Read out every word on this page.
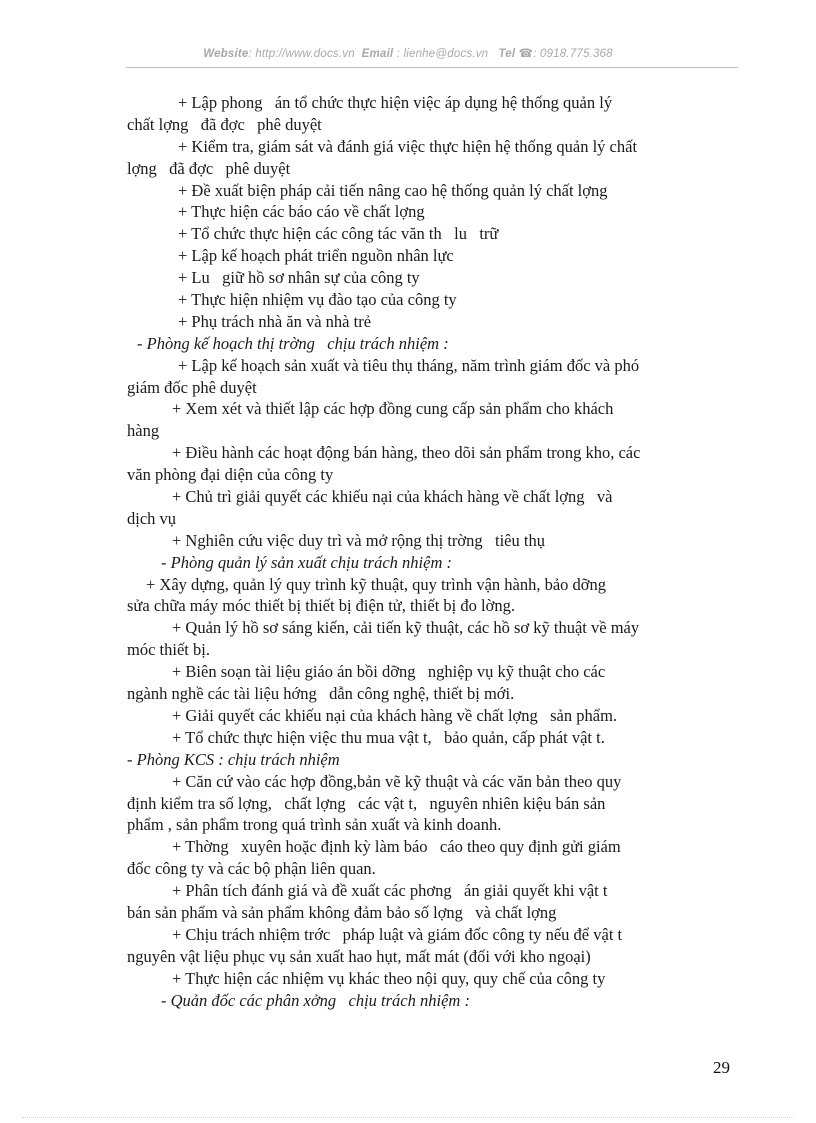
Website: http://www.docs.vn Email : lienhe@docs.vn Tel ☎: 0918.775.368
+ Lập phong   án tổ chức thực hiện việc áp dụng hệ thống quản lý
chất lợng   đã đợc   phê duyệt
+ Kiểm tra, giám sát và đánh giá việc thực hiện hệ thống quản lý chất
lợng   đã đợc   phê duyệt
+ Đề xuất biện pháp cải tiến nâng cao hệ thống quản lý chất lợng
+ Thực hiện các báo cáo về chất lợng
+ Tổ chức thực hiện các công tác văn th   lu   trữ
+ Lập kế hoạch phát triển nguồn nhân lực
+ Lu   giữ hồ sơ nhân sự của công ty
+ Thực hiện nhiệm vụ đào tạo của công ty
+ Phụ trách nhà ăn và nhà trẻ
- Phòng kế hoạch thị trờng   chịu trách nhiệm :
+ Lập kế hoạch sản xuất và tiêu thụ tháng, năm trình giám đốc và phó
giám đốc phê duyệt
+ Xem xét và thiết lập các hợp đồng cung cấp sản phẩm cho khách
hàng
+ Điều hành các hoạt động bán hàng, theo dõi sản phẩm trong kho, các
văn phòng đại diện của công ty
+ Chủ trì giải quyết các khiếu nại của khách hàng về chất lợng   và
dịch vụ
+ Nghiên cứu việc duy trì và mở rộng thị trờng   tiêu thụ
- Phòng quản lý sản xuất chịu trách nhiệm :
+ Xây dựng, quản lý quy trình kỹ thuật, quy trình vận hành, bảo dỡng
sửa chữa máy móc thiết bị thiết bị điện tử, thiết bị đo lờng.
+ Quản lý hồ sơ sáng kiến, cải tiến kỹ thuật, các hồ sơ kỹ thuật về máy
móc thiết bị.
+ Biên soạn tài liệu giáo án bồi dỡng   nghiệp vụ kỹ thuật cho các
ngành nghề các tài liệu hớng   dẫn công nghệ, thiết bị mới.
+ Giải quyết các khiếu nại của khách hàng về chất lợng   sản phẩm.
+ Tổ chức thực hiện việc thu mua vật t,   bảo quản, cấp phát vật t.
- Phòng KCS : chịu trách nhiệm
+ Căn cứ vào các hợp đồng,bản vẽ kỹ thuật và các văn bản theo quy
định kiểm tra số lợng,   chất lợng   các vật t,   nguyên nhiên kiệu bán sản
phẩm , sản phẩm trong quá trình sản xuất và kinh doanh.
+ Thờng   xuyên hoặc định kỳ làm báo   cáo theo quy định gửi giám
đốc công ty và các bộ phận liên quan.
+ Phân tích đánh giá và đề xuất các phơng   án giải quyết khi vật t
bán sản phẩm và sản phẩm không đảm bảo số lợng   và chất lợng
+ Chịu trách nhiệm trớc   pháp luật và giám đốc công ty nếu để vật t
nguyên vật liệu phục vụ sản xuất hao hụt, mất mát (đối với kho ngoại)
+ Thực hiện các nhiệm vụ khác theo nội quy, quy chế của công ty
- Quản đốc các phân xởng   chịu trách nhiệm :
29
